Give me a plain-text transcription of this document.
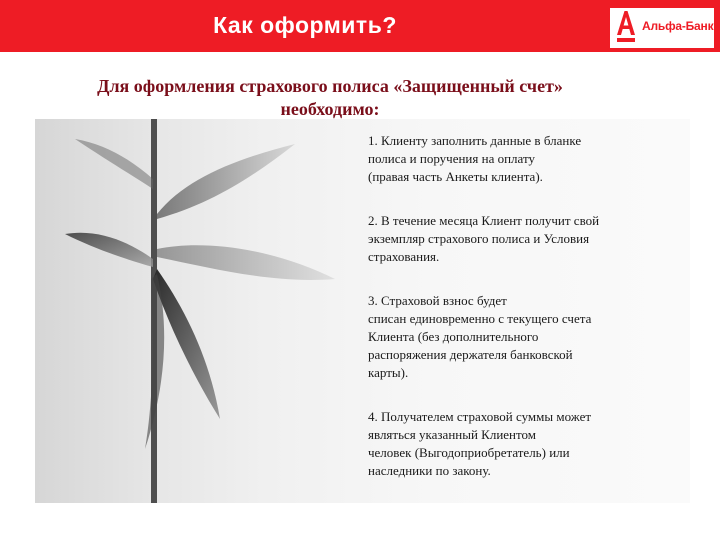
Как оформить?	Альфа-Банк
Для оформления страхового полиса «Защищенный счет»
необходимо:

1. Клиенту заполнить данные в бланке

полиса и поручения на оплату

(правая часть Анкеты клиента).

2. В течение месяца Клиент получит свой

экземпляр страхового полиса и Условия

страхования.

3. Страховой взнос будет

списан единовременно с текущего счета

Клиента (без дополнительного

распоряжения держателя банковской

карты).

4. Получателем страховой суммы может

являться указанный Клиентом

человек (Выгодоприобретатель) или

наследники по закону.
